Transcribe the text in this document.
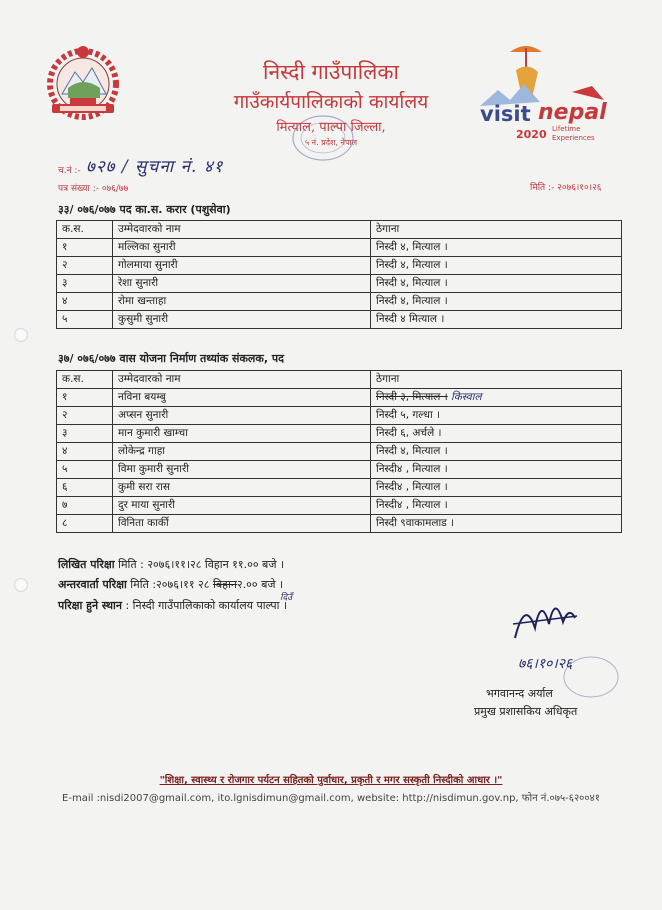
निस्दी गाउँपालिका
गाउँकार्यपालिकाको कार्यालय
मित्याल, पाल्पा जिल्ला,
५ नं. प्रदेश, नेपाल
visit nepal
2020 Lifetime
Experiences
च.नं :- ७२७ / सुचना नं. ४१
पत्र संख्या :- ०७६/७७	मिति :- २०७६।१०।२६
३३/ ०७६/०७७ पद का.स. करार (पशुसेवा)
क.स.	उम्मेदवारको नाम	ठेगाना
१	मल्लिका सुनारी	निस्दी ४, मित्याल ।
२	गोलमाया सुनारी	निस्दी ४, मित्याल ।
३	रेशा सुनारी	निस्दी ४, मित्याल ।
४	रोमा खन्ताहा	निस्दी ४, मित्याल ।
५	कुसुमी सुनारी	निस्दी ४ मित्याल ।
३७/ ०७६/०७७ वास योजना निर्माण तथ्यांक संकलक, पद
क.स.	उम्मेदवारको नाम	ठेगाना
१	नविना बयम्बु	निस्दी ३, मित्याल । किस्वाल
२	अप्सन सुनारी	निस्दी ५, गल्धा ।
३	मान कुमारी खाम्चा	निस्दी ६, अर्चले ।
४	लोकेन्द्र गाहा	निस्दी ४, मित्याल ।
५	विमा कुमारी सुनारी	निस्दी४ , मित्याल ।
६	कुमी सरा रास	निस्दी४ , मित्याल ।
७	दुर माया सुनारी	निस्दी४ , मित्याल ।
८	विनिता कार्की	निस्दी ९वाकामलाड ।
लिखित परिक्षा मिति : २०७६।११।२८ विहान ११.०० बजे ।
अन्तरवार्ता परिक्षा मिति :२०७६।११ २८ बिहान२.०० बजे ।
दिउँ
परिक्षा हुने स्थान : निस्दी गाउँपालिकाको कार्यालय पाल्पा ।
७६।१०।२६
भगवानन्द अर्याल
प्रमुख प्रशासकिय अधिकृत
"शिक्षा, स्वास्थ्य र रोजगार पर्यटन सहितको पुर्वाधार, प्रकृती र मगर सस्कृती निस्दीको आधार ।"
E-mail :nisdi2007@gmail.com, ito.lgnisdimun@gmail.com, website: http://nisdimun.gov.np, फोन नं.०७५-६२००४१
